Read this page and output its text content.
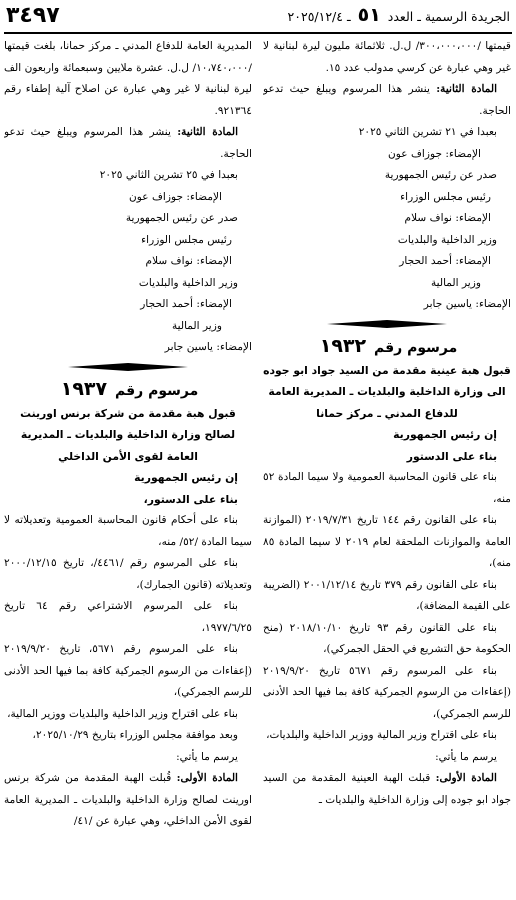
٣٤٩٧	الجريدة الرسمية ـ العدد ٥١ ـ ٢٠٢٥/١٢/٤

قيمتها /٣٠٠،٠٠٠،٠٠٠/ ل.ل. ثلاثمائة مليون ليرة لبنانية لا غير وهي عبارة عن كرسي مدولب عدد ١٥.

المادة الثانية: ينشر هذا المرسوم ويبلغ حيث تدعو الحاجة.

بعبدا في ٢١ تشرين الثاني ٢٠٢٥

الإمضاء: جوزاف عون

صدر عن رئيس الجمهورية

رئيس مجلس الوزراء

الإمضاء: نواف سلام

وزير الداخلية والبلديات

الإمضاء: أحمد الحجار

وزير المالية

الإمضاء: ياسين جابر

مرسوم رقم ١٩٣٢

قبول هبة عينية مقدمة من السيد جواد ابو جوده الى وزارة الداخلية والبلديات ـ المديرية العامة للدفاع المدني ـ مركز حمانا

إن رئيس الجمهورية

بناء على الدستور

بناء على قانون المحاسبة العمومية ولا سيما المادة ٥٢ منه،

بناء على القانون رقم ١٤٤ تاريخ ٢٠١٩/٧/٣١ (الموازنة العامة والموازنات الملحقة لعام ٢٠١٩ لا سيما المادة ٨٥ منه)،

بناء على القانون رقم ٣٧٩ تاريخ ٢٠٠١/١٢/١٤ (الضريبة على القيمة المضافة)،

بناء على القانون رقم ٩٣ تاريخ ٢٠١٨/١٠/١٠ (منح الحكومة حق التشريع في الحقل الجمركي)،

بناء على المرسوم رقم ٥٦٧١ تاريخ ٢٠١٩/٩/٢٠ (إعفاءات من الرسوم الجمركية كافة بما فيها الحد الأدنى للرسم الجمركي)،

بناء على اقتراح وزير المالية ووزير الداخلية والبلديات،

يرسم ما يأتي:

المادة الأولى: قبلت الهبة العينية المقدمة من السيد جواد ابو جوده إلى وزارة الداخلية والبلديات ـ

المديرية العامة للدفاع المدني ـ مركز حمانا، بلغت قيمتها /١٠،٧٤٠،٠٠٠/ ل.ل. عشرة ملايين وسبعمائة واربعون الف ليرة لبنانية لا غير وهي عبارة عن اصلاح آلية إطفاء رقم ٩٢١٣٦٤.

المادة الثانية: ينشر هذا المرسوم ويبلغ حيث تدعو الحاجة.

بعبدا في ٢٥ تشرين الثاني ٢٠٢٥

الإمضاء: جوزاف عون

صدر عن رئيس الجمهورية

رئيس مجلس الوزراء

الإمضاء: نواف سلام

وزير الداخلية والبلديات

الإمضاء: أحمد الحجار

وزير المالية

الإمضاء: ياسين جابر

مرسوم رقم ١٩٣٧

قبول هبة مقدمة من شركة برنس اورينت لصالح وزارة الداخلية والبلديات ـ المديرية العامة لقوى الأمن الداخلي

إن رئيس الجمهورية

بناء على الدستور،

بناء على أحكام قانون المحاسبة العمومية وتعديلاته لا سيما المادة /٥٢/ منه،

بناء على المرسوم رقم /٤٤٦١/، تاريخ ٢٠٠٠/١٢/١٥ وتعديلاته (قانون الجمارك)،

بناء على المرسوم الاشتراعي رقم ٦٤ تاريخ ١٩٧٧/٦/٢٥،

بناء على المرسوم رقم ٥٦٧١، تاريخ ٢٠١٩/٩/٢٠ (إعفاءات من الرسوم الجمركية كافة بما فيها الحد الأدنى للرسم الجمركي)،

بناء على اقتراح وزير الداخلية والبلديات ووزير المالية،

وبعد موافقة مجلس الوزراء بتاريخ ٢٠٢٥/١٠/٢٩،

يرسم ما يأتي:

المادة الأولى: قُبلت الهبة المقدمة من شركة برنس اورينت لصالح وزارة الداخلية والبلديات ـ المديرية العامة لقوى الأمن الداخلي، وهي عبارة عن /٤١/
